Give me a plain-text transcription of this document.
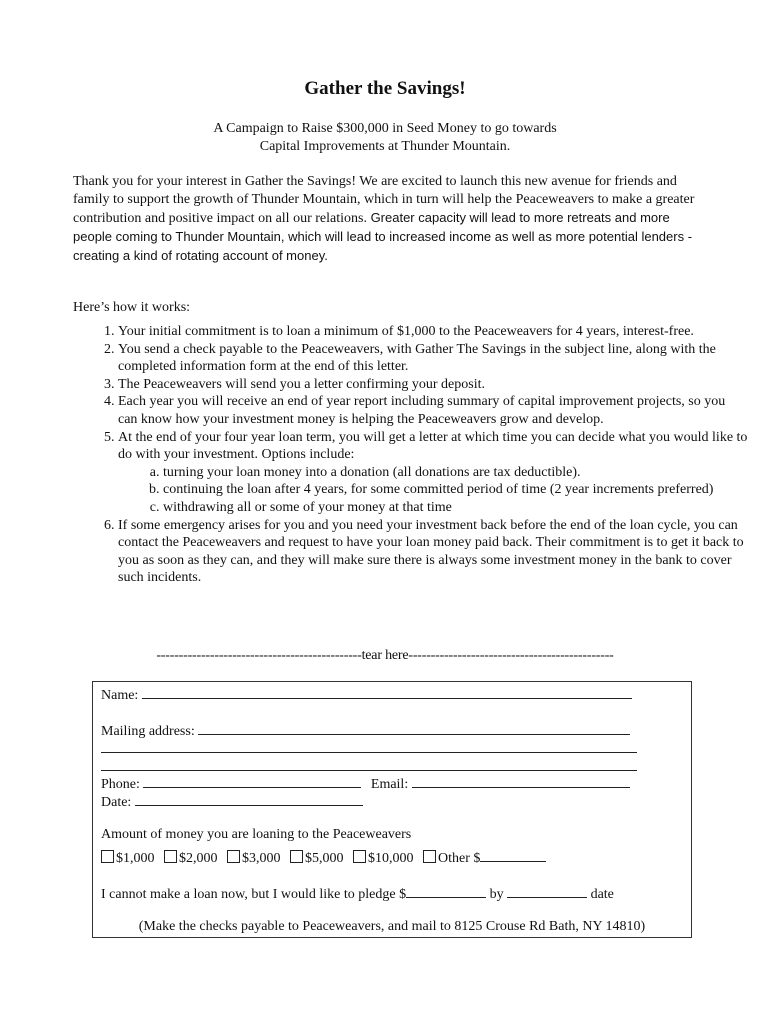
Gather the Savings!
A Campaign to Raise $300,000 in Seed Money to go towards
Capital Improvements at Thunder Mountain.
Thank you for your interest in Gather the Savings! We are excited to launch this new avenue for friends and family to support the growth of Thunder Mountain, which in turn will help the Peaceweavers to make a greater contribution and positive impact on all our relations. Greater capacity will lead to more retreats and more people coming to Thunder Mountain, which will lead to increased income as well as more potential lenders - creating a kind of rotating account of money.
Here’s how it works:
1. Your initial commitment is to loan a minimum of $1,000 to the Peaceweavers for 4 years, interest-free.
2. You send a check payable to the Peaceweavers, with Gather The Savings in the subject line, along with the completed information form at the end of this letter.
3. The Peaceweavers will send you a letter confirming your deposit.
4. Each year you will receive an end of year report including summary of capital improvement projects, so you can know how your investment money is helping the Peaceweavers grow and develop.
5. At the end of your four year loan term, you will get a letter at which time you can decide what you would like to do with your investment. Options include:
a. turning your loan money into a donation (all donations are tax deductible).
b. continuing the loan after 4 years, for some committed period of time (2 year increments preferred)
c. withdrawing all or some of your money at that time
6. If some emergency arises for you and you need your investment back before the end of the loan cycle, you can contact the Peaceweavers and request to have your loan money paid back. Their commitment is to get it back to you as soon as they can, and they will make sure there is always some investment money in the bank to cover such incidents.
----------------------------------------------tear here----------------------------------------------
Name:
Mailing address:
Phone:	Email:
Date:
Amount of money you are loaning to the Peaceweavers
$1,000 $2,000 $3,000 $5,000 $10,000 Other $
I cannot make a loan now, but I would like to pledge $	by	date
(Make the checks payable to Peaceweavers, and mail to 8125 Crouse Rd Bath, NY 14810)
